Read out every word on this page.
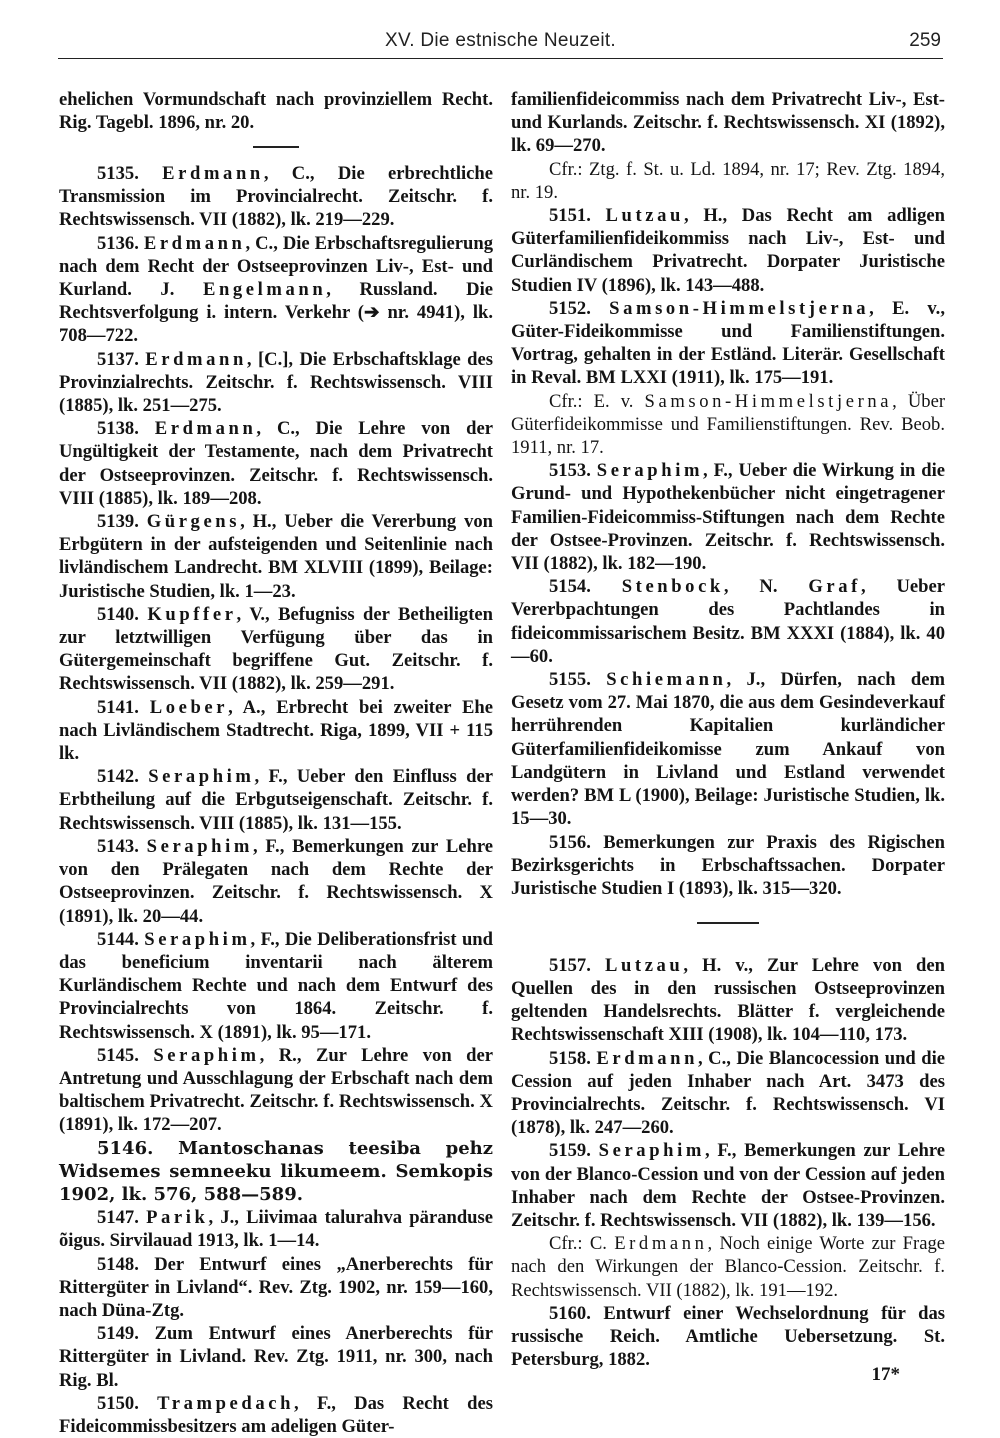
XV. Die estnische Neuzeit.	259

ehelichen Vormundschaft nach provinziellem Recht. Rig. Tagebl. 1896, nr. 20.

5135. Erdmann, C., Die erbrechtliche Transmission im Provincialrecht. Zeitschr. f. Rechtswissensch. VII (1882), lk. 219—229.

5136. Erdmann, C., Die Erbschaftsregulierung nach dem Recht der Ostseeprovinzen Liv-, Est- und Kurland. J. Engelmann, Russland. Die Rechtsverfolgung i. intern. Verkehr (➔ nr. 4941), lk. 708—722.

5137. Erdmann, [C.], Die Erbschaftsklage des Provinzialrechts. Zeitschr. f. Rechtswissensch. VIII (1885), lk. 251—275.

5138. Erdmann, C., Die Lehre von der Ungültigkeit der Testamente, nach dem Privatrecht der Ostseeprovinzen. Zeitschr. f. Rechtswissensch. VIII (1885), lk. 189—208.

5139. Gürgens, H., Ueber die Vererbung von Erbgütern in der aufsteigenden und Seitenlinie nach livländischem Landrecht. BM XLVIII (1899), Beilage: Juristische Studien, lk. 1—23.

5140. Kupffer, V., Befugniss der Betheiligten zur letztwilligen Verfügung über das in Gütergemeinschaft begriffene Gut. Zeitschr. f. Rechtswissensch. VII (1882), lk. 259—291.

5141. Loeber, A., Erbrecht bei zweiter Ehe nach Livländischem Stadtrecht. Riga, 1899, VII + 115 lk.

5142. Seraphim, F., Ueber den Einfluss der Erbtheilung auf die Erbgutseigenschaft. Zeitschr. f. Rechtswissensch. VIII (1885), lk. 131—155.

5143. Seraphim, F., Bemerkungen zur Lehre von den Prälegaten nach dem Rechte der Ostseeprovinzen. Zeitschr. f. Rechtswissensch. X (1891), lk. 20—44.

5144. Seraphim, F., Die Deliberationsfrist und das beneficium inventarii nach älterem Kurländischem Rechte und nach dem Entwurf des Provincialrechts von 1864. Zeitschr. f. Rechtswissensch. X (1891), lk. 95—171.

5145. Seraphim, R., Zur Lehre von der Antretung und Ausschlagung der Erbschaft nach dem baltischem Privatrecht. Zeitschr. f. Rechtswissensch. X (1891), lk. 172—207.

5146. Mantoschanas teesiba pehz Widsemes semneeku likumeem. Semkopis 1902, lk. 576, 588—589.

5147. Parik, J., Liivimaa talurahva päranduse õigus. Sirvilauad 1913, lk. 1—14.

5148. Der Entwurf eines „Anerberechts für Rittergüter in Livland“. Rev. Ztg. 1902, nr. 159—160, nach Düna-Ztg.

5149. Zum Entwurf eines Anerberechts für Rittergüter in Livland. Rev. Ztg. 1911, nr. 300, nach Rig. Bl.

5150. Trampedach, F., Das Recht des Fideicommissbesitzers am adeligen Güter-

familienfideicommiss nach dem Privatrecht Liv-, Est- und Kurlands. Zeitschr. f. Rechtswissensch. XI (1892), lk. 69—270.

Cfr.: Ztg. f. St. u. Ld. 1894, nr. 17; Rev. Ztg. 1894, nr. 19.

5151. Lutzau, H., Das Recht am adligen Güterfamilienfideikommiss nach Liv-, Est- und Curländischem Privatrecht. Dorpater Juristische Studien IV (1896), lk. 143—488.

5152. Samson-Himmelstjerna, E. v., Güter-Fideikommisse und Familienstiftungen. Vortrag, gehalten in der Estländ. Literär. Gesellschaft in Reval. BM LXXI (1911), lk. 175—191.

Cfr.: E. v. Samson-Himmelstjerna, Über Güterfideikommisse und Familienstiftungen. Rev. Beob. 1911, nr. 17.

5153. Seraphim, F., Ueber die Wirkung in die Grund- und Hypothekenbücher nicht eingetragener Familien-Fideicommiss-Stiftungen nach dem Rechte der Ostsee-Provinzen. Zeitschr. f. Rechtswissensch. VII (1882), lk. 182—190.

5154. Stenbock, N. Graf, Ueber Vererbpachtungen des Pachtlandes in fideicommissarischem Besitz. BM XXXI (1884), lk. 40—60.

5155. Schiemann, J., Dürfen, nach dem Gesetz vom 27. Mai 1870, die aus dem Gesindeverkauf herrührenden Kapitalien kurländicher Güterfamilienfideikomisse zum Ankauf von Landgütern in Livland und Estland verwendet werden? BM L (1900), Beilage: Juristische Studien, lk. 15—30.

5156. Bemerkungen zur Praxis des Rigischen Bezirksgerichts in Erbschaftssachen. Dorpater Juristische Studien I (1893), lk. 315—320.

5157. Lutzau, H. v., Zur Lehre von den Quellen des in den russischen Ostseeprovinzen geltenden Handelsrechts. Blätter f. vergleichende Rechtswissenschaft XIII (1908), lk. 104—110, 173.

5158. Erdmann, C., Die Blancocession und die Cession auf jeden Inhaber nach Art. 3473 des Provincialrechts. Zeitschr. f. Rechtswissensch. VI (1878), lk. 247—260.

5159. Seraphim, F., Bemerkungen zur Lehre von der Blanco-Cession und von der Cession auf jeden Inhaber nach dem Rechte der Ostsee-Provinzen. Zeitschr. f. Rechtswissensch. VII (1882), lk. 139—156.

Cfr.: C. Erdmann, Noch einige Worte zur Frage nach den Wirkungen der Blanco-Cession. Zeitschr. f. Rechtswissensch. VII (1882), lk. 191—192.

5160. Entwurf einer Wechselordnung für das russische Reich. Amtliche Uebersetzung. St. Petersburg, 1882.

17*
